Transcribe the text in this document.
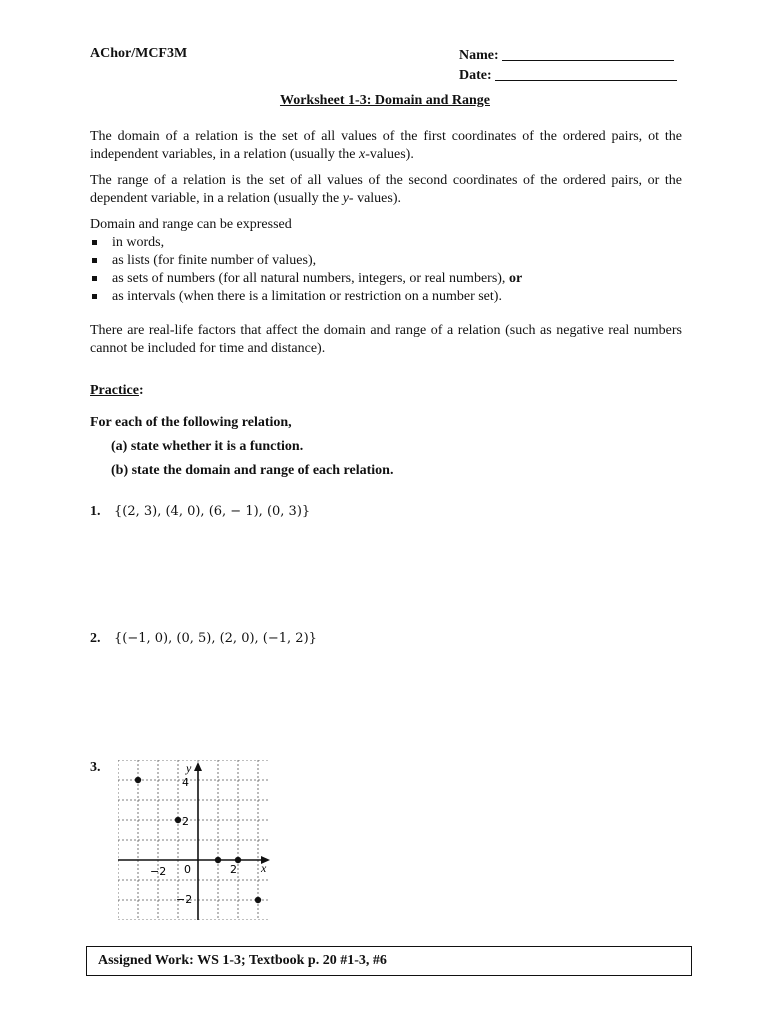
AChor/MCF3M	Name:
Date:
Worksheet 1-3: Domain and Range
The domain of a relation is the set of all values of the first coordinates of the ordered pairs, ot the independent variables, in a relation (usually the x-values).
The range of a relation is the set of all values of the second coordinates of the ordered pairs, or the dependent variable, in a relation (usually the y- values).
Domain and range can be expressed
in words,
as lists (for finite number of values),
as sets of numbers (for all natural numbers, integers, or real numbers), or
as intervals (when there is a limitation or restriction on a number set).
There are real-life factors that affect the domain and range of a relation (such as negative real numbers cannot be included for time and distance).
Practice:
For each of the following relation,
(a) state whether it is a function.
(b) state the domain and range of each relation.
1. {(2, 3), (4, 0), (6, − 1), (0, 3)}
2. {(−1, 0), (0, 5), (2, 0), (−1, 2)}
3.	y
x
4
2
−2 0	2
−2
Assigned Work: WS 1-3; Textbook p. 20 #1-3, #6
